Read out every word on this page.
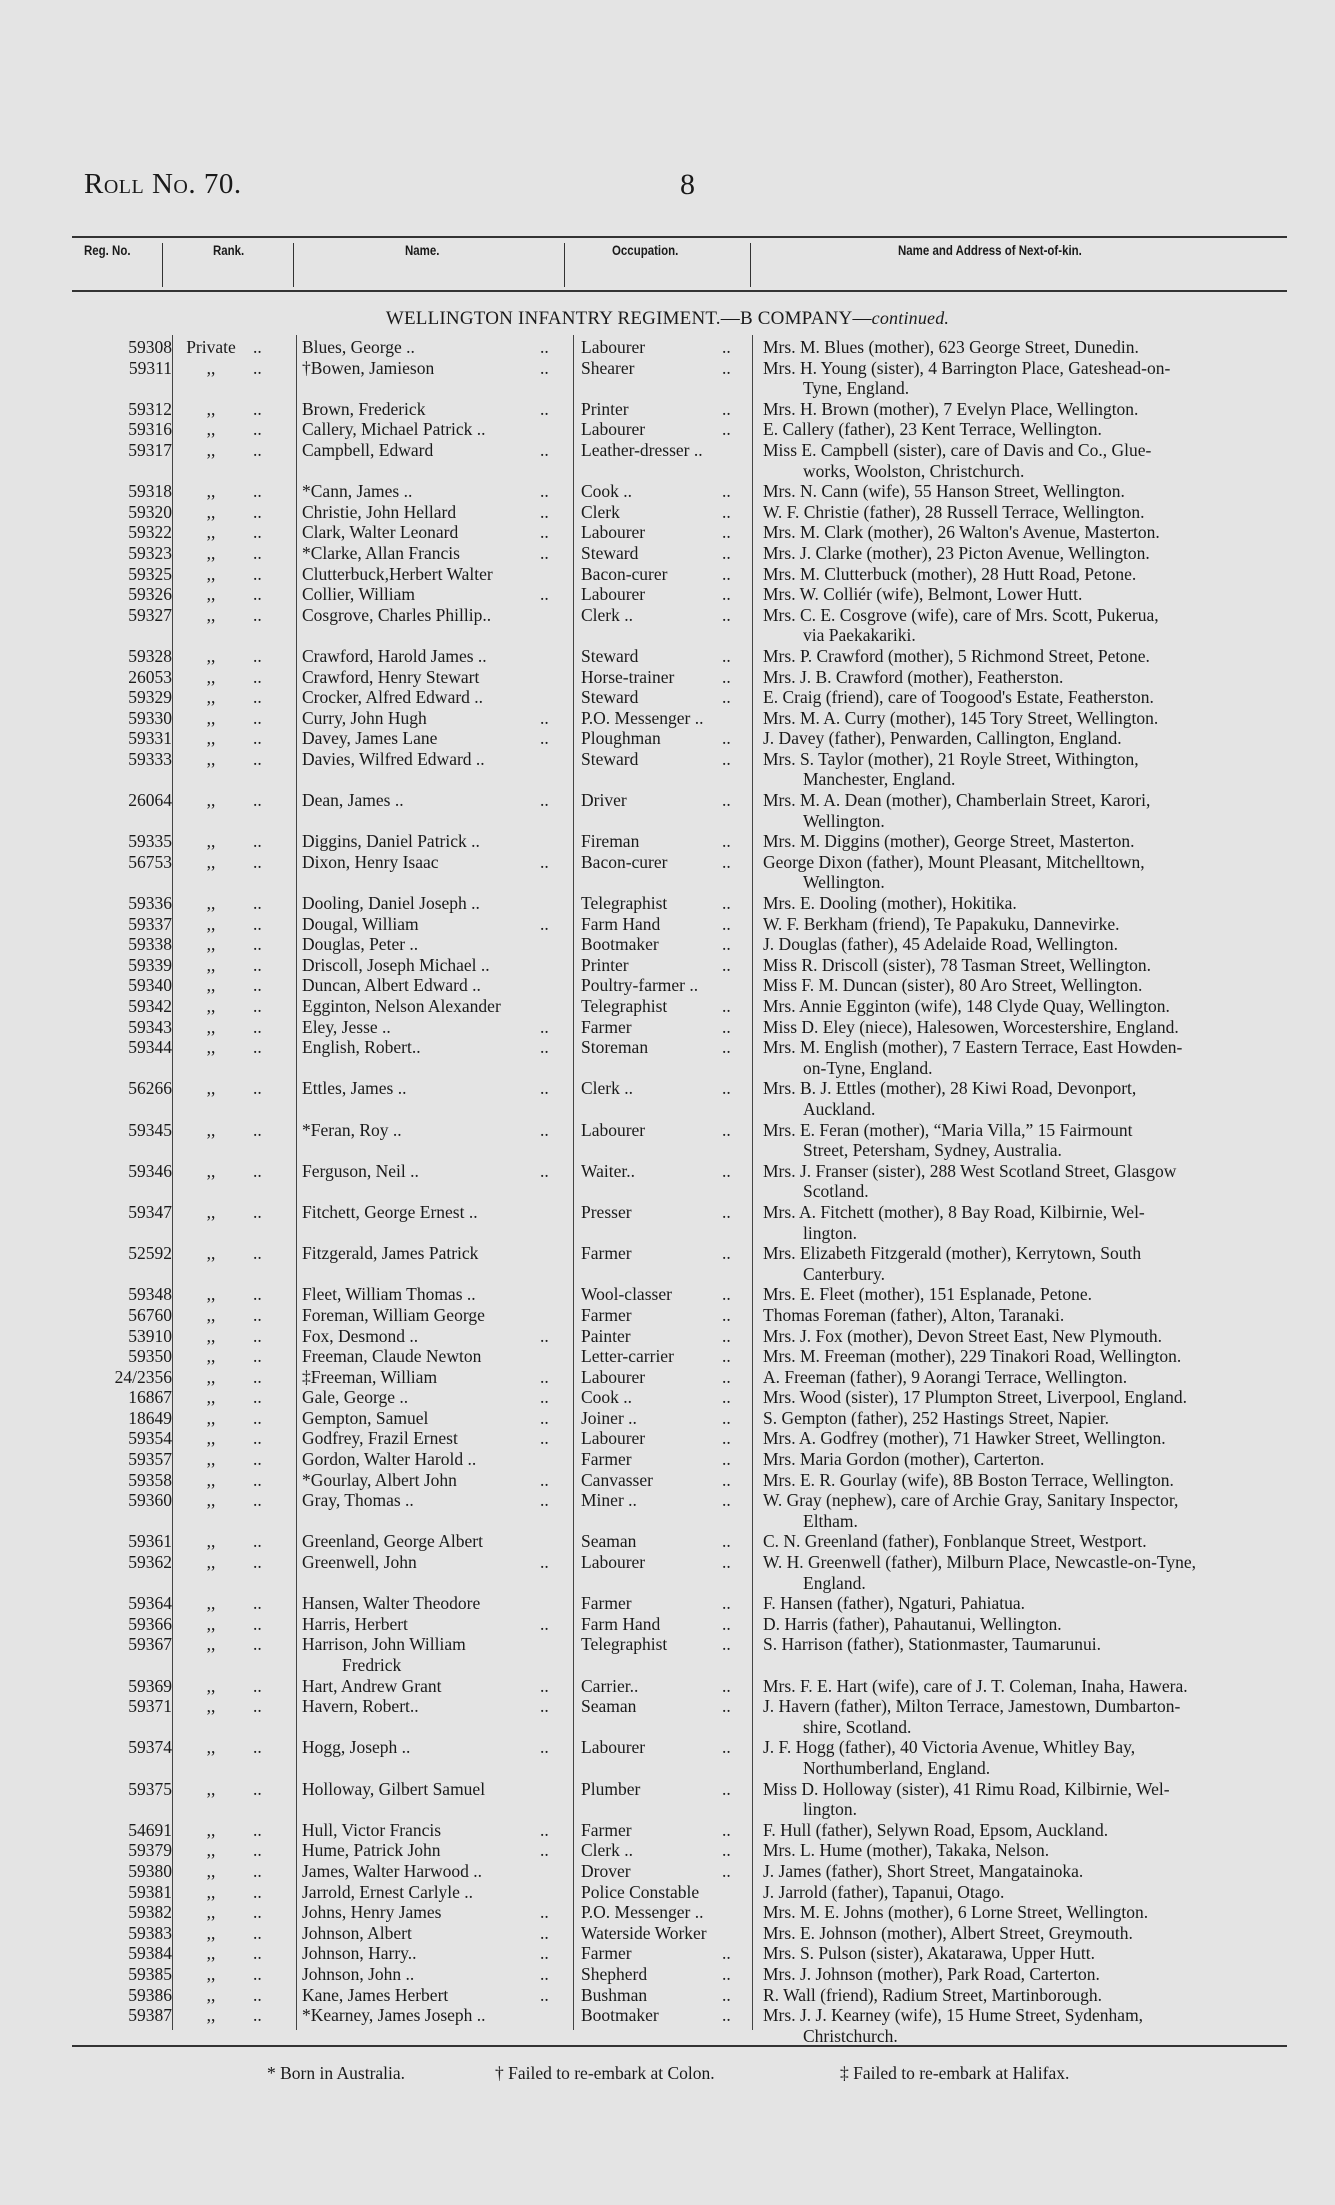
Roll No. 70.	8
Reg. No.	Rank.	Name.	Occupation.	Name and Address of Next-of-kin.
WELLINGTON INFANTRY REGIMENT.—B COMPANY—continued.
59308 Private .. Blues, George ..	.. Labourer	.. Mrs. M. Blues (mother), 623 George Street, Dunedin.
59311	,,	.. †Bowen, Jamieson	.. Shearer	.. Mrs. H. Young (sister), 4 Barrington Place, Gateshead-on-
Tyne, England.
59312	,,	.. Brown, Frederick	.. Printer	.. Mrs. H. Brown (mother), 7 Evelyn Place, Wellington.
59316	,,	.. Callery, Michael Patrick ..	Labourer	.. E. Callery (father), 23 Kent Terrace, Wellington.
59317	,,	.. Campbell, Edward	.. Leather-dresser ..	Miss E. Campbell (sister), care of Davis and Co., Glue-
works, Woolston, Christchurch.
59318	,,	.. *Cann, James ..	.. Cook ..	.. Mrs. N. Cann (wife), 55 Hanson Street, Wellington.
59320	,,	.. Christie, John Hellard	.. Clerk	.. W. F. Christie (father), 28 Russell Terrace, Wellington.
59322	,,	.. Clark, Walter Leonard	.. Labourer	.. Mrs. M. Clark (mother), 26 Walton's Avenue, Masterton.
59323	,,	.. *Clarke, Allan Francis	.. Steward	.. Mrs. J. Clarke (mother), 23 Picton Avenue, Wellington.
59325	,,	.. Clutterbuck,Herbert Walter	Bacon-curer	.. Mrs. M. Clutterbuck (mother), 28 Hutt Road, Petone.
59326	,,	.. Collier, William	.. Labourer	.. Mrs. W. Colliér (wife), Belmont, Lower Hutt.
59327	,,	.. Cosgrove, Charles Phillip..	Clerk ..	.. Mrs. C. E. Cosgrove (wife), care of Mrs. Scott, Pukerua,
via Paekakariki.
59328	,,	.. Crawford, Harold James ..	Steward	.. Mrs. P. Crawford (mother), 5 Richmond Street, Petone.
26053	,,	.. Crawford, Henry Stewart	Horse-trainer	.. Mrs. J. B. Crawford (mother), Featherston.
59329	,,	.. Crocker, Alfred Edward ..	Steward	.. E. Craig (friend), care of Toogood's Estate, Featherston.
59330	,,	.. Curry, John Hugh	.. P.O. Messenger ..	Mrs. M. A. Curry (mother), 145 Tory Street, Wellington.
59331	,,	.. Davey, James Lane	.. Ploughman	.. J. Davey (father), Penwarden, Callington, England.
59333	,,	.. Davies, Wilfred Edward ..	Steward	.. Mrs. S. Taylor (mother), 21 Royle Street, Withington,
Manchester, England.
26064	,,	.. Dean, James ..	.. Driver	.. Mrs. M. A. Dean (mother), Chamberlain Street, Karori,
Wellington.
59335	,,	.. Diggins, Daniel Patrick ..	Fireman	.. Mrs. M. Diggins (mother), George Street, Masterton.
56753	,,	.. Dixon, Henry Isaac	.. Bacon-curer	.. George Dixon (father), Mount Pleasant, Mitchelltown,
Wellington.
59336	,,	.. Dooling, Daniel Joseph ..	Telegraphist	.. Mrs. E. Dooling (mother), Hokitika.
59337	,,	.. Dougal, William	.. Farm Hand	.. W. F. Berkham (friend), Te Papakuku, Dannevirke.
59338	,,	.. Douglas, Peter ..	Bootmaker	.. J. Douglas (father), 45 Adelaide Road, Wellington.
59339	,,	.. Driscoll, Joseph Michael ..	Printer	.. Miss R. Driscoll (sister), 78 Tasman Street, Wellington.
59340	,,	.. Duncan, Albert Edward ..	Poultry-farmer ..	Miss F. M. Duncan (sister), 80 Aro Street, Wellington.
59342	,,	.. Egginton, Nelson Alexander	Telegraphist	.. Mrs. Annie Egginton (wife), 148 Clyde Quay, Wellington.
59343	,,	.. Eley, Jesse ..	.. Farmer	.. Miss D. Eley (niece), Halesowen, Worcestershire, England.
59344	,,	.. English, Robert..	.. Storeman	.. Mrs. M. English (mother), 7 Eastern Terrace, East Howden-
on-Tyne, England.
56266	,,	.. Ettles, James ..	.. Clerk ..	.. Mrs. B. J. Ettles (mother), 28 Kiwi Road, Devonport,
Auckland.
59345	,,	.. *Feran, Roy ..	.. Labourer	.. Mrs. E. Feran (mother), “Maria Villa,” 15 Fairmount
Street, Petersham, Sydney, Australia.
59346	,,	.. Ferguson, Neil ..	.. Waiter..	.. Mrs. J. Franser (sister), 288 West Scotland Street, Glasgow
Scotland.
59347	,,	.. Fitchett, George Ernest ..	Presser	.. Mrs. A. Fitchett (mother), 8 Bay Road, Kilbirnie, Wel-
lington.
52592	,,	.. Fitzgerald, James Patrick	Farmer	.. Mrs. Elizabeth Fitzgerald (mother), Kerrytown, South
Canterbury.
59348	,,	.. Fleet, William Thomas ..	Wool-classer	.. Mrs. E. Fleet (mother), 151 Esplanade, Petone.
56760	,,	.. Foreman, William George	Farmer	.. Thomas Foreman (father), Alton, Taranaki.
53910	,,	.. Fox, Desmond ..	.. Painter	.. Mrs. J. Fox (mother), Devon Street East, New Plymouth.
59350	,,	.. Freeman, Claude Newton	Letter-carrier	.. Mrs. M. Freeman (mother), 229 Tinakori Road, Wellington.
24/2356	,,	.. ‡Freeman, William	.. Labourer	.. A. Freeman (father), 9 Aorangi Terrace, Wellington.
16867	,,	.. Gale, George ..	.. Cook ..	.. Mrs. Wood (sister), 17 Plumpton Street, Liverpool, England.
18649	,,	.. Gempton, Samuel	.. Joiner ..	.. S. Gempton (father), 252 Hastings Street, Napier.
59354	,,	.. Godfrey, Frazil Ernest	.. Labourer	.. Mrs. A. Godfrey (mother), 71 Hawker Street, Wellington.
59357	,,	.. Gordon, Walter Harold ..	Farmer	.. Mrs. Maria Gordon (mother), Carterton.
59358	,,	.. *Gourlay, Albert John	.. Canvasser	.. Mrs. E. R. Gourlay (wife), 8B Boston Terrace, Wellington.
59360	,,	.. Gray, Thomas ..	.. Miner ..	.. W. Gray (nephew), care of Archie Gray, Sanitary Inspector,
Eltham.
59361	,,	.. Greenland, George Albert	Seaman	.. C. N. Greenland (father), Fonblanque Street, Westport.
59362	,,	.. Greenwell, John	.. Labourer	.. W. H. Greenwell (father), Milburn Place, Newcastle-on-Tyne,
England.
59364	,,	.. Hansen, Walter Theodore	Farmer	.. F. Hansen (father), Ngaturi, Pahiatua.
59366	,,	.. Harris, Herbert	.. Farm Hand	.. D. Harris (father), Pahautanui, Wellington.
59367	,,	.. Harrison, John William
Fredrick
Telegraphist	.. S. Harrison (father), Stationmaster, Taumarunui.
59369	,,	.. Hart, Andrew Grant	.. Carrier..	.. Mrs. F. E. Hart (wife), care of J. T. Coleman, Inaha, Hawera.
59371	,,	.. Havern, Robert..	.. Seaman	.. J. Havern (father), Milton Terrace, Jamestown, Dumbarton-
shire, Scotland.
59374	,,	.. Hogg, Joseph ..	.. Labourer	.. J. F. Hogg (father), 40 Victoria Avenue, Whitley Bay,
Northumberland, England.
59375	,,	.. Holloway, Gilbert Samuel	Plumber	.. Miss D. Holloway (sister), 41 Rimu Road, Kilbirnie, Wel-
lington.
54691	,,	.. Hull, Victor Francis	.. Farmer	.. F. Hull (father), Selywn Road, Epsom, Auckland.
59379	,,	.. Hume, Patrick John	.. Clerk ..	.. Mrs. L. Hume (mother), Takaka, Nelson.
59380	,,	.. James, Walter Harwood ..	Drover	.. J. James (father), Short Street, Mangatainoka.
59381	,,	.. Jarrold, Ernest Carlyle ..	Police Constable	J. Jarrold (father), Tapanui, Otago.
59382	,,	.. Johns, Henry James	.. P.O. Messenger ..	Mrs. M. E. Johns (mother), 6 Lorne Street, Wellington.
59383	,,	.. Johnson, Albert	.. Waterside Worker	Mrs. E. Johnson (mother), Albert Street, Greymouth.
59384	,,	.. Johnson, Harry..	.. Farmer	.. Mrs. S. Pulson (sister), Akatarawa, Upper Hutt.
59385	,,	.. Johnson, John ..	.. Shepherd	.. Mrs. J. Johnson (mother), Park Road, Carterton.
59386	,,	.. Kane, James Herbert	.. Bushman	.. R. Wall (friend), Radium Street, Martinborough.
59387	,,	.. *Kearney, James Joseph ..	Bootmaker	.. Mrs. J. J. Kearney (wife), 15 Hume Street, Sydenham,
Christchurch.
* Born in Australia.	† Failed to re-embark at Colon.	‡ Failed to re-embark at Halifax.
